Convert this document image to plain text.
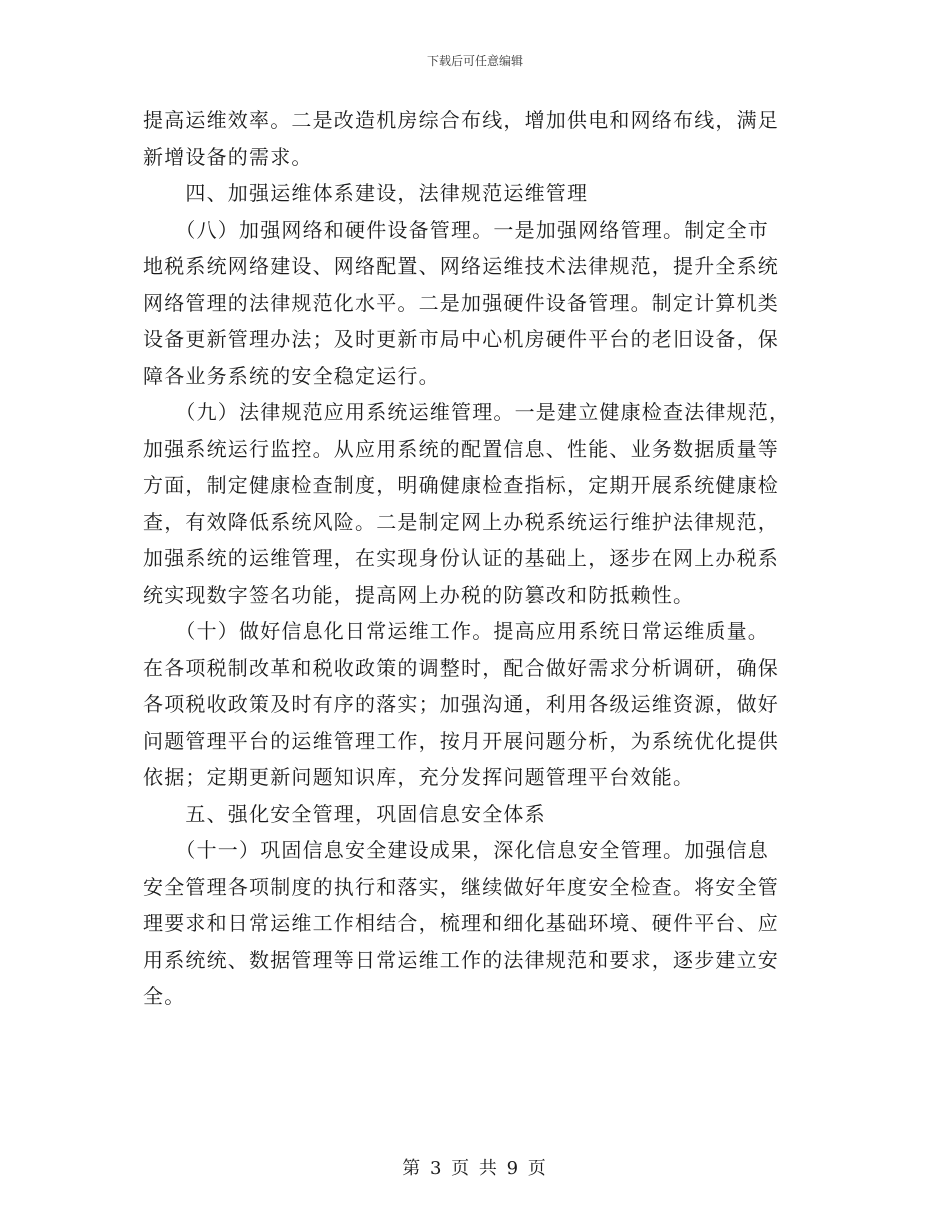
下载后可任意编辑
提高运维效率。二是改造机房综合布线，增加供电和网络布线，满足
新增设备的需求。
　　四、加强运维体系建设，法律规范运维管理
　　（八）加强网络和硬件设备管理。一是加强网络管理。制定全市
地税系统网络建设、网络配置、网络运维技术法律规范，提升全系统
网络管理的法律规范化水平。二是加强硬件设备管理。制定计算机类
设备更新管理办法；及时更新市局中心机房硬件平台的老旧设备，保
障各业务系统的安全稳定运行。
　　（九）法律规范应用系统运维管理。一是建立健康检查法律规范，
加强系统运行监控。从应用系统的配置信息、性能、业务数据质量等
方面，制定健康检查制度，明确健康检查指标，定期开展系统健康检
查，有效降低系统风险。二是制定网上办税系统运行维护法律规范，
加强系统的运维管理，在实现身份认证的基础上，逐步在网上办税系
统实现数字签名功能，提高网上办税的防篡改和防抵赖性。
　　（十）做好信息化日常运维工作。提高应用系统日常运维质量。
在各项税制改革和税收政策的调整时，配合做好需求分析调研，确保
各项税收政策及时有序的落实；加强沟通，利用各级运维资源，做好
问题管理平台的运维管理工作，按月开展问题分析，为系统优化提供
依据；定期更新问题知识库，充分发挥问题管理平台效能。
　　五、强化安全管理，巩固信息安全体系
　　（十一）巩固信息安全建设成果，深化信息安全管理。加强信息
安全管理各项制度的执行和落实，继续做好年度安全检查。将安全管
理要求和日常运维工作相结合，梳理和细化基础环境、硬件平台、应
用系统统、数据管理等日常运维工作的法律规范和要求，逐步建立安
全。
第 3 页 共 9 页
